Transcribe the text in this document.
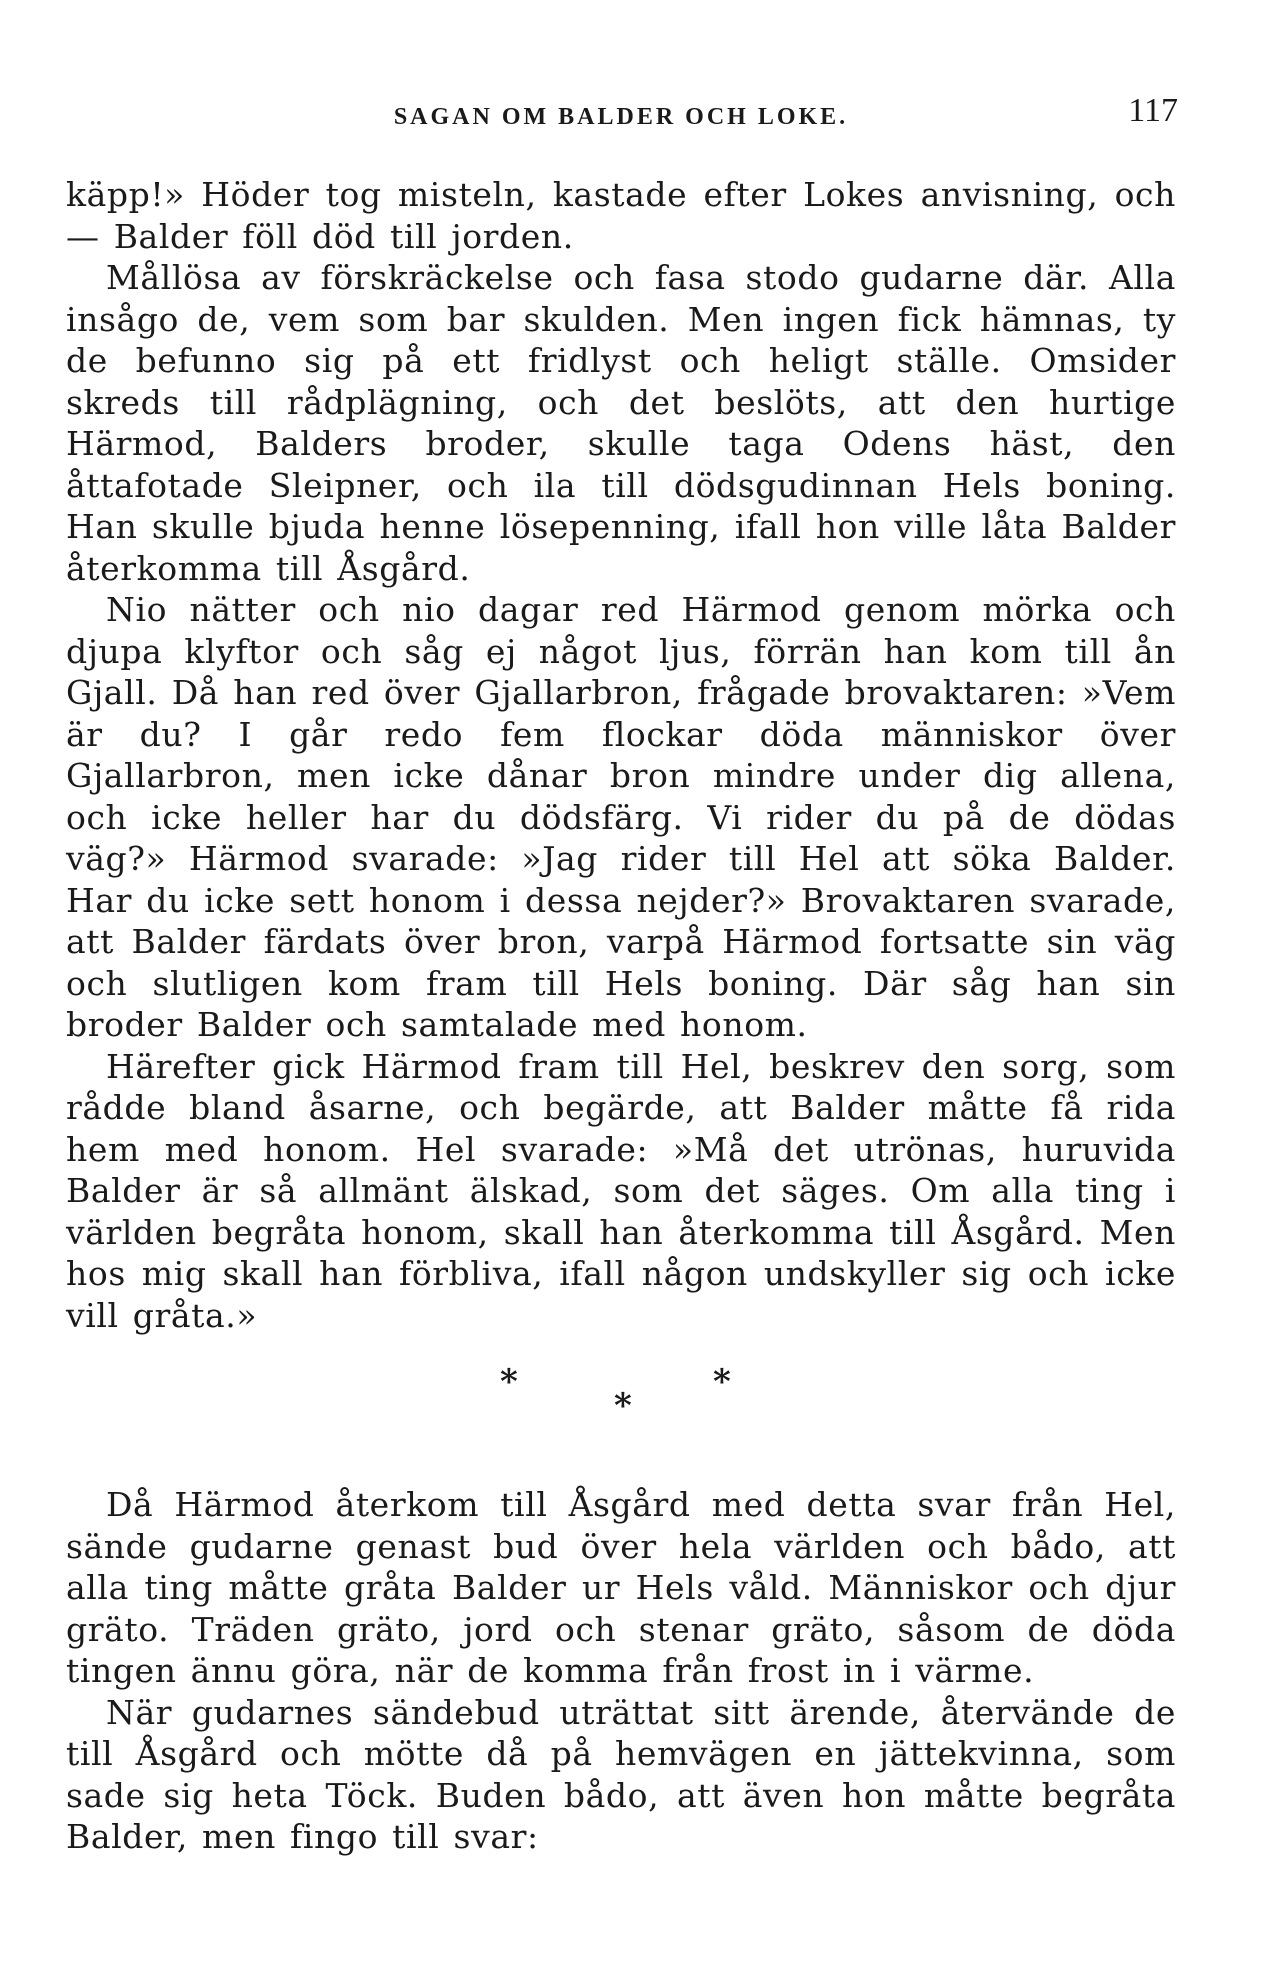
SAGAN OM BALDER OCH LOKE.	117

käpp!» Höder tog misteln, kastade efter Lokes anvisning, och — Balder föll död till jorden.

Mållösa av förskräckelse och fasa stodo gudarne där. Alla insågo de, vem som bar skulden. Men ingen fick hämnas, ty de befunno sig på ett fridlyst och heligt ställe. Omsider skreds till rådplägning, och det beslöts, att den hurtige Härmod, Balders broder, skulle taga Odens häst, den åttafotade Sleipner, och ila till dödsgudinnan Hels boning. Han skulle bjuda henne lösepenning, ifall hon ville låta Balder återkomma till Åsgård.

Nio nätter och nio dagar red Härmod genom mörka och djupa klyftor och såg ej något ljus, förrän han kom till ån Gjall. Då han red över Gjallarbron, frågade brovaktaren: »Vem är du? I går redo fem flockar döda människor över Gjallarbron, men icke dånar bron mindre under dig allena, och icke heller har du dödsfärg. Vi rider du på de dödas väg?» Härmod svarade: »Jag rider till Hel att söka Balder. Har du icke sett honom i dessa nejder?» Brovaktaren svarade, att Balder färdats över bron, varpå Härmod fortsatte sin väg och slutligen kom fram till Hels boning. Där såg han sin broder Balder och samtalade med honom.

Härefter gick Härmod fram till Hel, beskrev den sorg, som rådde bland åsarne, och begärde, att Balder måtte få rida hem med honom. Hel svarade: »Må det utrönas, huruvida Balder är så allmänt älskad, som det säges. Om alla ting i världen begråta honom, skall han återkomma till Åsgård. Men hos mig skall han förbliva, ifall någon undskyller sig och icke vill gråta.»

*
*
*

Då Härmod återkom till Åsgård med detta svar från Hel, sände gudarne genast bud över hela världen och bådo, att alla ting måtte gråta Balder ur Hels våld. Människor och djur gräto. Träden gräto, jord och stenar gräto, såsom de döda tingen ännu göra, när de komma från frost in i värme.

När gudarnes sändebud uträttat sitt ärende, återvände de till Åsgård och mötte då på hemvägen en jättekvinna, som sade sig heta Töck. Buden bådo, att även hon måtte begråta Balder, men fingo till svar:
